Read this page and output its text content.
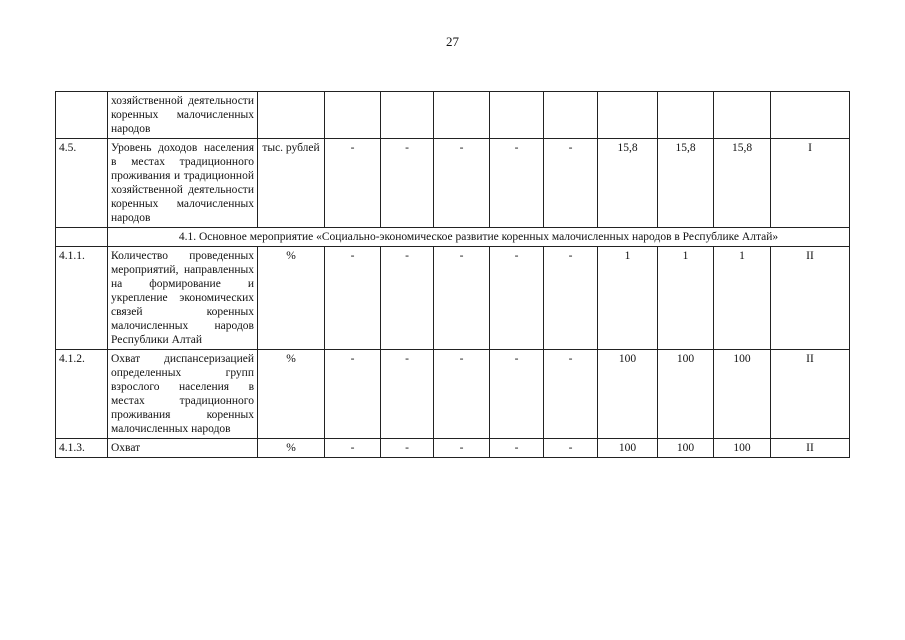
27
	хозяйственной деятельности коренных малочисленных народов										
4.5.	Уровень доходов населения в местах традиционного проживания и традиционной хозяйственной деятельности коренных малочисленных народов	тыс. рублей	-	-	-	-	-	15,8	15,8	15,8	I
	4.1. Основное мероприятие «Социально-экономическое развитие коренных малочисленных народов в Республике Алтай»										
4.1.1.	Количество проведенных мероприятий, направленных на формирование и укрепление экономических связей коренных малочисленных народов Республики Алтай	%	-	-	-	-	-	1	1	1	II
4.1.2.	Охват диспансеризацией определенных групп взрослого населения в местах традиционного проживания коренных малочисленных народов	%	-	-	-	-	-	100	100	100	II
4.1.3.	Охват	%	-	-	-	-	-	100	100	100	II
